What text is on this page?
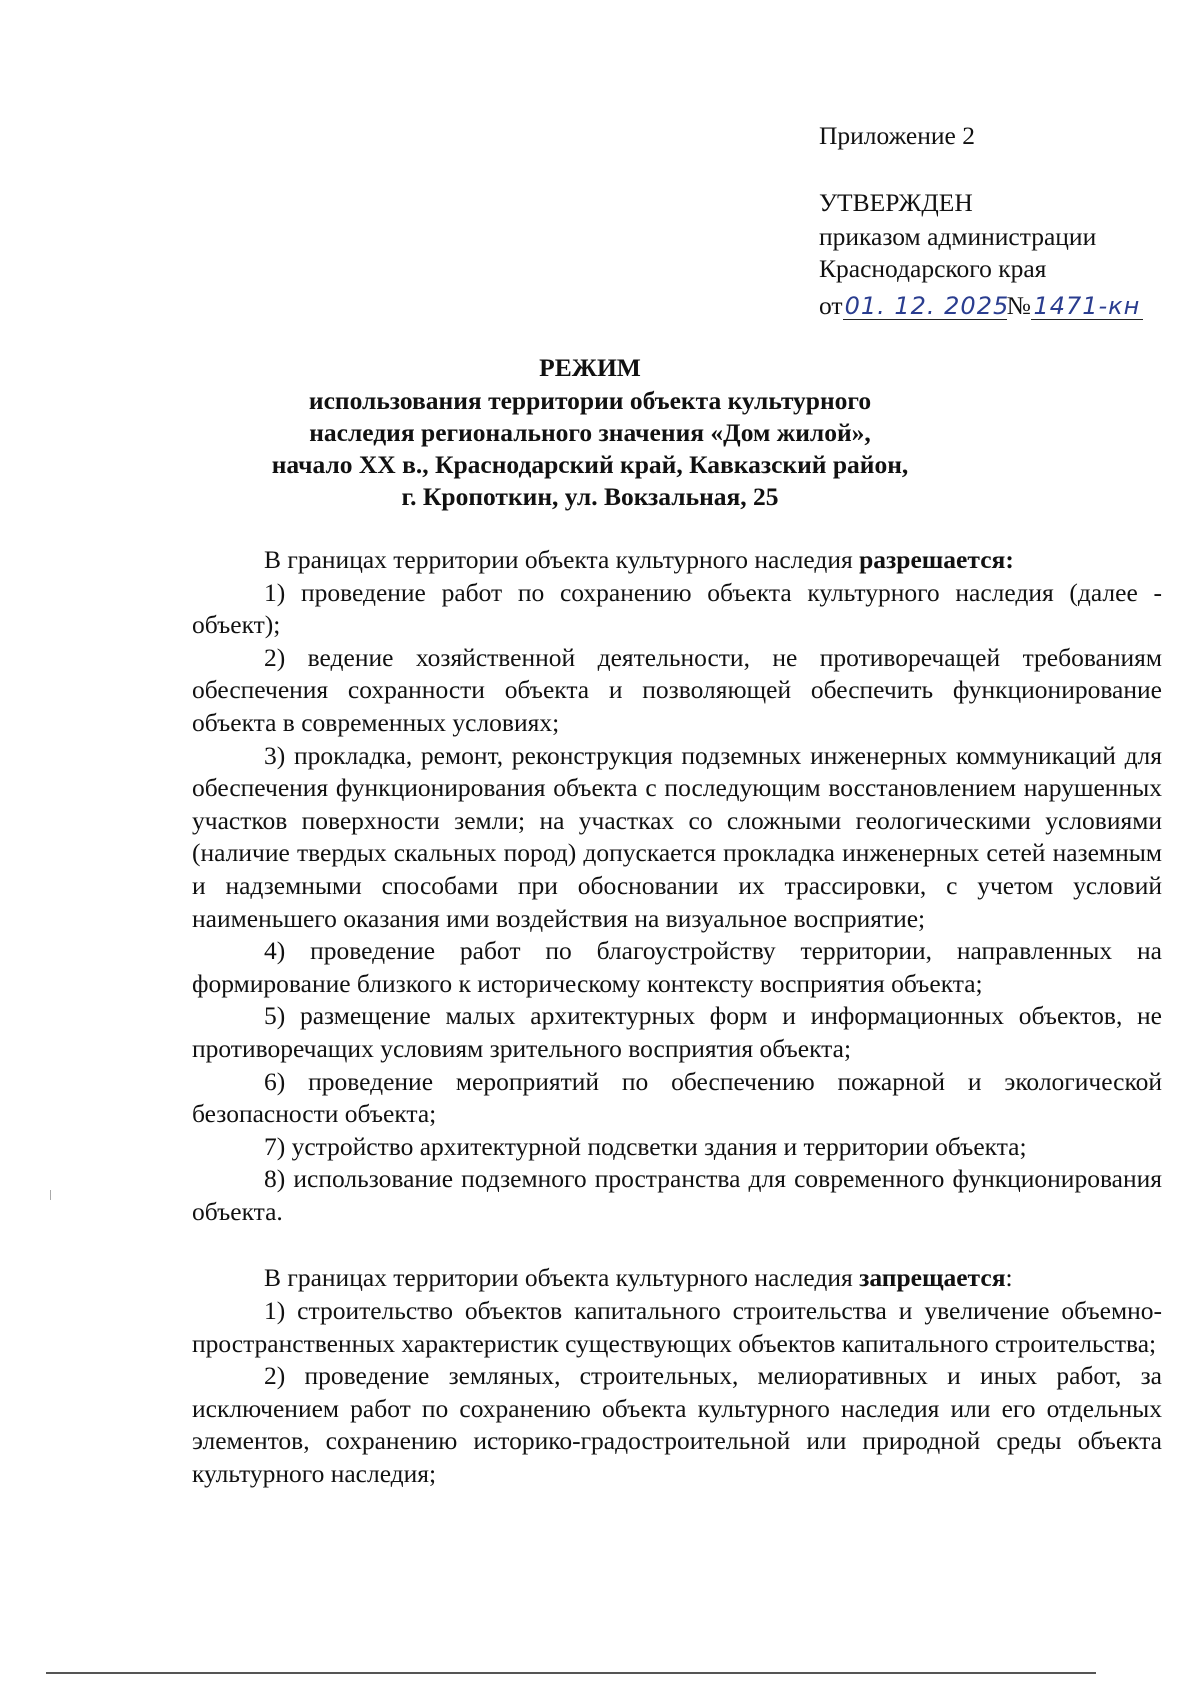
Приложение 2
УТВЕРЖДЕН
приказом администрации
Краснодарского края
от01. 12. 2025№ 1471-кн
РЕЖИМ
использования территории объекта культурного
наследия регионального значения «Дом жилой»,
начало XX в., Краснодарский край, Кавказский район,
г. Кропоткин, ул. Вокзальная, 25

В границах территории объекта культурного наследия разрешается:

1) проведение работ по сохранению объекта культурного наследия (далее - объект);

2) ведение хозяйственной деятельности, не противоречащей требованиям обеспечения сохранности объекта и позволяющей обеспечить функционирование объекта в современных условиях;

3) прокладка, ремонт, реконструкция подземных инженерных коммуникаций для обеспечения функционирования объекта с последующим восстановлением нарушенных участков поверхности земли; на участках со сложными геологическими условиями (наличие твердых скальных пород) допускается прокладка инженерных сетей наземным и надземными способами при обосновании их трассировки, с учетом условий наименьшего оказания ими воздействия на визуальное восприятие;

4) проведение работ по благоустройству территории, направленных на формирование близкого к историческому контексту восприятия объекта;

5) размещение малых архитектурных форм и информационных объектов, не противоречащих условиям зрительного восприятия объекта;

6) проведение мероприятий по обеспечению пожарной и экологической безопасности объекта;

7) устройство архитектурной подсветки здания и территории объекта;

8) использование подземного пространства для современного функционирования объекта.

В границах территории объекта культурного наследия запрещается:

1) строительство объектов капитального строительства и увеличение объемно-пространственных характеристик существующих объектов капитального строительства;

2) проведение земляных, строительных, мелиоративных и иных работ, за исключением работ по сохранению объекта культурного наследия или его отдельных элементов, сохранению историко-градостроительной или природной среды объекта культурного наследия;
